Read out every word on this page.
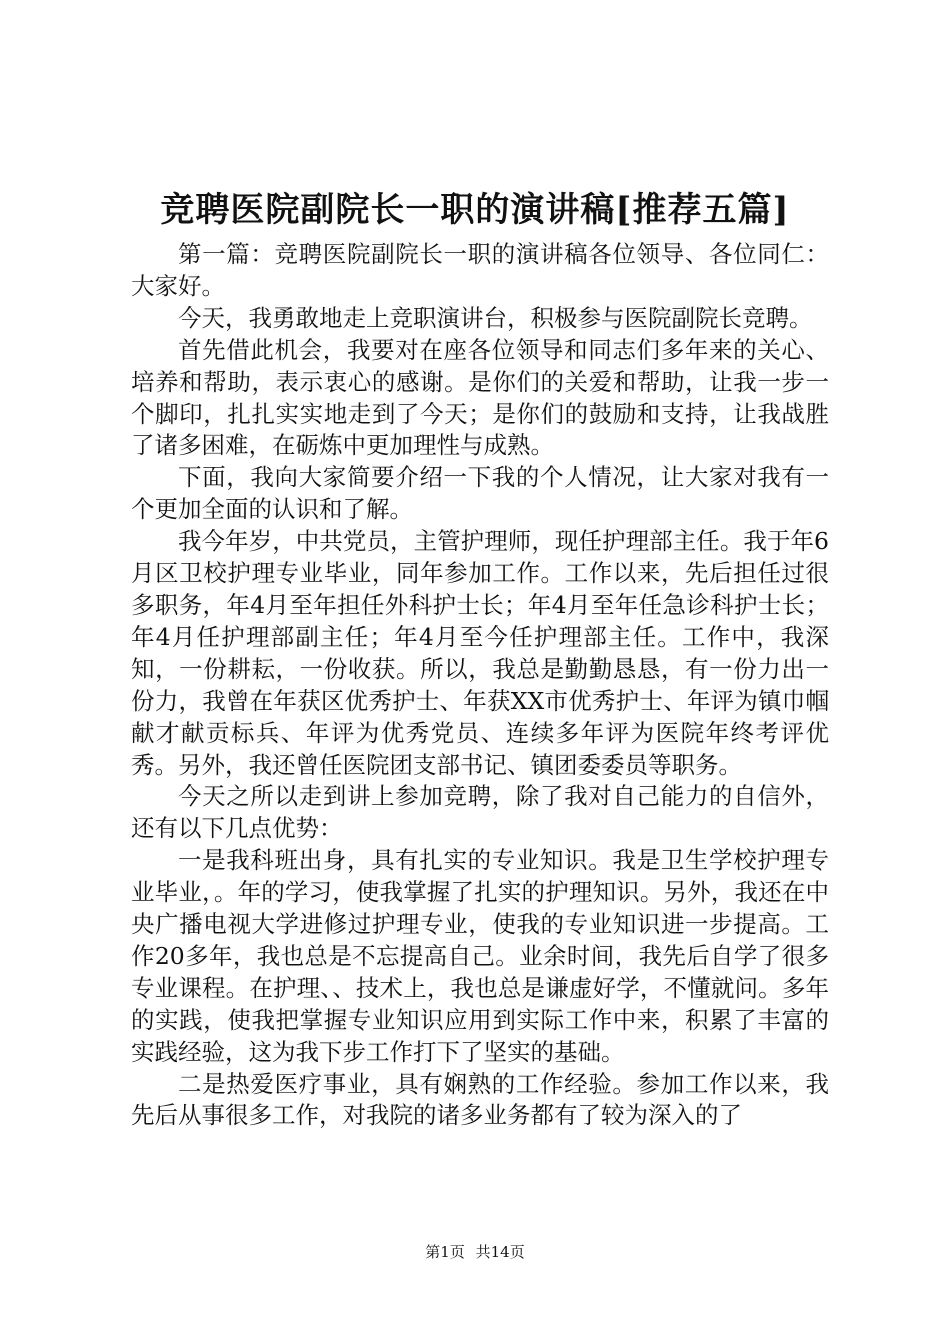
竞聘医院副院长一职的演讲稿[推荐五篇]

第一篇：竞聘医院副院长一职的演讲稿各位领导、各位同仁：大家好。

今天，我勇敢地走上竞职演讲台，积极参与医院副院长竞聘。

首先借此机会，我要对在座各位领导和同志们多年来的关心、培养和帮助，表示衷心的感谢。是你们的关爱和帮助，让我一步一个脚印，扎扎实实地走到了今天；是你们的鼓励和支持，让我战胜了诸多困难，在砺炼中更加理性与成熟。

下面，我向大家简要介绍一下我的个人情况，让大家对我有一个更加全面的认识和了解。

我今年岁，中共党员，主管护理师，现任护理部主任。我于年6月区卫校护理专业毕业，同年参加工作。工作以来，先后担任过很多职务，年4月至年担任外科护士长；年4月至年任急诊科护士长；年4月任护理部副主任；年4月至今任护理部主任。工作中，我深知，一份耕耘，一份收获。所以，我总是勤勤恳恳，有一份力出一份力，我曾在年获区优秀护士、年获XX市优秀护士、年评为镇巾帼献才献贡标兵、年评为优秀党员、连续多年评为医院年终考评优秀。另外，我还曾任医院团支部书记、镇团委委员等职务。

今天之所以走到讲上参加竞聘，除了我对自己能力的自信外，还有以下几点优势：

一是我科班出身，具有扎实的专业知识。我是卫生学校护理专业毕业，。年的学习，使我掌握了扎实的护理知识。另外，我还在中央广播电视大学进修过护理专业，使我的专业知识进一步提高。工作20多年，我也总是不忘提高自己。业余时间，我先后自学了很多专业课程。在护理、、技术上，我也总是谦虚好学，不懂就问。多年的实践，使我把掌握专业知识应用到实际工作中来，积累了丰富的实践经验，这为我下步工作打下了坚实的基础。

二是热爱医疗事业，具有娴熟的工作经验。参加工作以来，我先后从事很多工作，对我院的诸多业务都有了较为深入的了

第1页 共14页
